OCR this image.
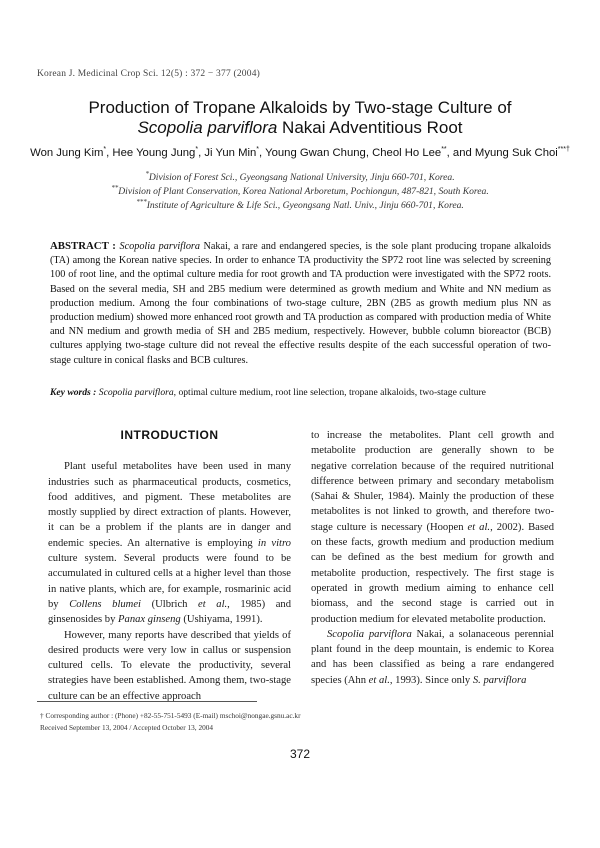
Korean J. Medicinal Crop Sci. 12(5) : 372 − 377 (2004)
Production of Tropane Alkaloids by Two-stage Culture of
Scopolia parviflora Nakai Adventitious Root
Won Jung Kim*, Hee Young Jung*, Ji Yun Min*, Young Gwan Chung, Cheol Ho Lee**, and Myung Suk Choi***†
*Division of Forest Sci., Gyeongsang National University, Jinju 660-701, Korea.
**Division of Plant Conservation, Korea National Arboretum, Pochiongun, 487-821, South Korea.
***Institute of Agriculture & Life Sci., Gyeongsang Natl. Univ., Jinju 660-701, Korea.
ABSTRACT : Scopolia parviflora Nakai, a rare and endangered species, is the sole plant producing tropane alkaloids (TA) among the Korean native species. In order to enhance TA productivity the SP72 root line was selected by screening 100 of root line, and the optimal culture media for root growth and TA production were investigated with the SP72 roots. Based on the several media, SH and 2B5 medium were determined as growth medium and White and NN medium as production medium. Among the four combinations of two-stage culture, 2BN (2B5 as growth medium plus NN as production medium) showed more enhanced root growth and TA production as compared with production media of White and NN medium and growth media of SH and 2B5 medium, respectively. However, bubble column bioreactor (BCB) cultures applying two-stage culture did not reveal the effective results despite of the each successful operation of two-stage culture in conical flasks and BCB cultures.
Key words : Scopolia parviflora, optimal culture medium, root line selection, tropane alkaloids, two-stage culture
INTRODUCTION

Plant useful metabolites have been used in many industries such as pharmaceutical products, cosmetics, food additives, and pigment. These metabolites are mostly supplied by direct extraction of plants. However, it can be a problem if the plants are in danger and endemic species. An alternative is employing in vitro culture system. Several products were found to be accumulated in cultured cells at a higher level than those in native plants, which are, for example, rosmarinic acid by Collens blumei (Ulbrich et al., 1985) and ginsenosides by Panax ginseng (Ushiyama, 1991).

However, many reports have described that yields of desired products were very low in callus or suspension cultured cells. To elevate the productivity, several strategies have been established. Among them, two-stage culture can be an effective approach

to increase the metabolites. Plant cell growth and metabolite production are generally shown to be negative correlation because of the required nutritional difference between primary and secondary metabolism (Sahai & Shuler, 1984). Mainly the production of these metabolites is not linked to growth, and therefore two-stage culture is necessary (Hoopen et al., 2002). Based on these facts, growth medium and production medium can be defined as the best medium for growth and metabolite production, respectively. The first stage is operated in growth medium aiming to enhance cell biomass, and the second stage is carried out in production medium for elevated metabolite production.

Scopolia parviflora Nakai, a solanaceous perennial plant found in the deep mountain, is endemic to Korea and has been classified as being a rare endangered species (Ahn et al., 1993). Since only S. parviflora

† Corresponding author : (Phone) +82-55-751-5493 (E-mail) mschoi@nongae.gsnu.ac.kr
Received September 13, 2004 / Accepted October 13, 2004
372
